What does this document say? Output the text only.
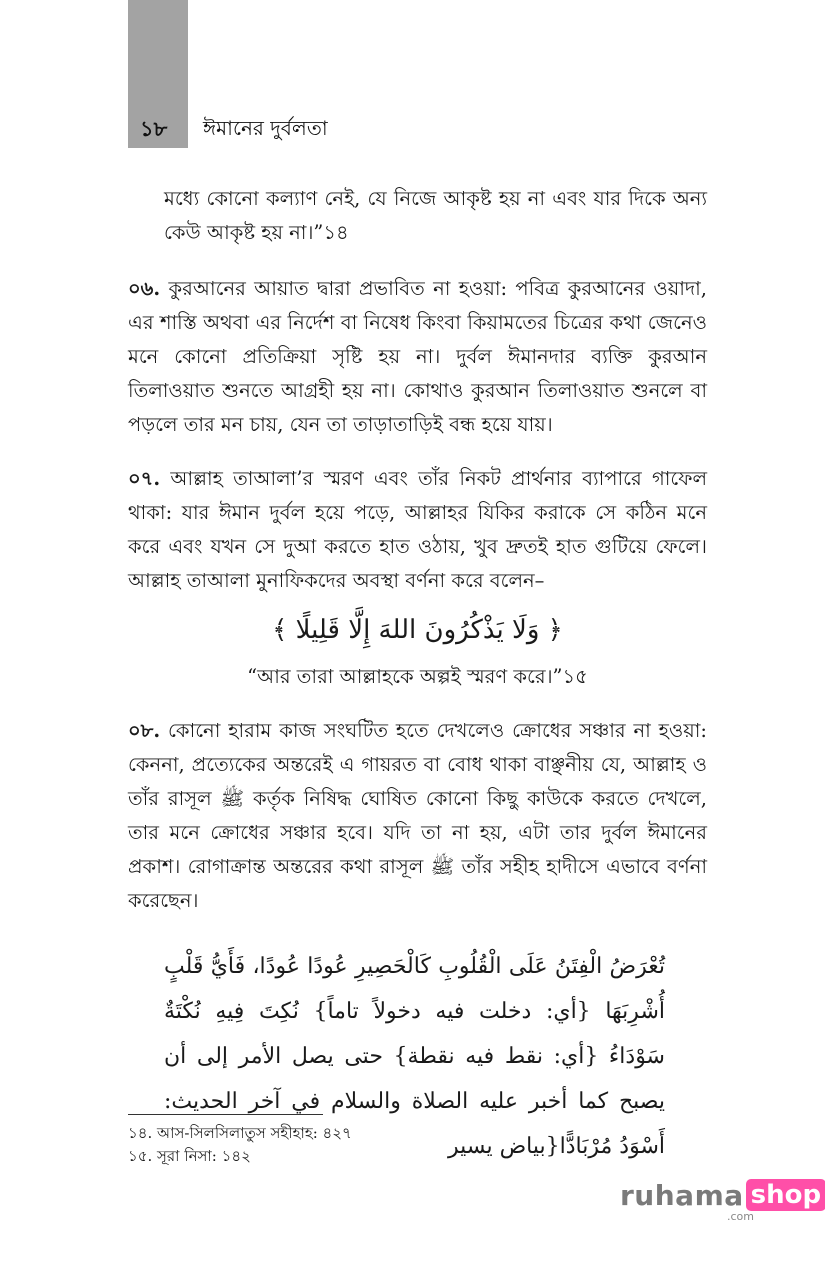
১৮ ঈমানের দুর্বলতা

মধ্যে কোনো কল্যাণ নেই, যে নিজে আকৃষ্ট হয় না এবং যার দিকে অন্য কেউ আকৃষ্ট হয় না।”১৪

০৬. কুরআনের আয়াত দ্বারা প্রভাবিত না হওয়া: পবিত্র কুরআনের ওয়াদা, এর শাস্তি অথবা এর নির্দেশ বা নিষেধ কিংবা কিয়ামতের চিত্রের কথা জেনেও মনে কোনো প্রতিক্রিয়া সৃষ্টি হয় না। দুর্বল ঈমানদার ব্যক্তি কুরআন তিলাওয়াত শুনতে আগ্রহী হয় না। কোথাও কুরআন তিলাওয়াত শুনলে বা পড়লে তার মন চায়, যেন তা তাড়াতাড়িই বন্ধ হয়ে যায়।

০৭. আল্লাহ তাআলা’র স্মরণ এবং তাঁর নিকট প্রার্থনার ব্যাপারে গাফেল থাকা: যার ঈমান দুর্বল হয়ে পড়ে, আল্লাহর যিকির করাকে সে কঠিন মনে করে এবং যখন সে দুআ করতে হাত ওঠায়, খুব দ্রুতই হাত গুটিয়ে ফেলে। আল্লাহ তাআলা মুনাফিকদের অবস্থা বর্ণনা করে বলেন–

﴿ وَلَا يَذْكُرُونَ اللهَ إِلَّا قَلِيلًا ﴾

“আর তারা আল্লাহকে অল্পই স্মরণ করে।”১৫

০৮. কোনো হারাম কাজ সংঘটিত হতে দেখলেও ক্রোধের সঞ্চার না হওয়া: কেননা, প্রত্যেকের অন্তরেই এ গায়রত বা বোধ থাকা বাঞ্ছনীয় যে, আল্লাহ ও তাঁর রাসূল ﷺ কর্তৃক নিষিদ্ধ ঘোষিত কোনো কিছু কাউকে করতে দেখলে, তার মনে ক্রোধের সঞ্চার হবে। যদি তা না হয়, এটা তার দুর্বল ঈমানের প্রকাশ। রোগাক্রান্ত অন্তরের কথা রাসূল ﷺ তাঁর সহীহ হাদীসে এভাবে বর্ণনা করেছেন।

تُعْرَضُ الْفِتَنُ عَلَى الْقُلُوبِ كَالْحَصِيرِ عُودًا عُودًا، فَأَيُّ قَلْبٍ أُشْرِبَهَا {أي: دخلت فيه دخولاً تاماً} نُكِتَ فِيهِ نُكْتَةٌ سَوْدَاءُ {أي: نقط فيه نقطة} حتى يصل الأمر إلى أن يصبح كما أخبر عليه الصلاة والسلام في آخر الحديث: أَسْوَدُ مُرْبَادًّا{بياض يسير
১৪. আস-সিলসিলাতুস সহীহাহ: ৪২৭
১৫. সূরা নিসা: ১৪২
ruhama shop
.com
